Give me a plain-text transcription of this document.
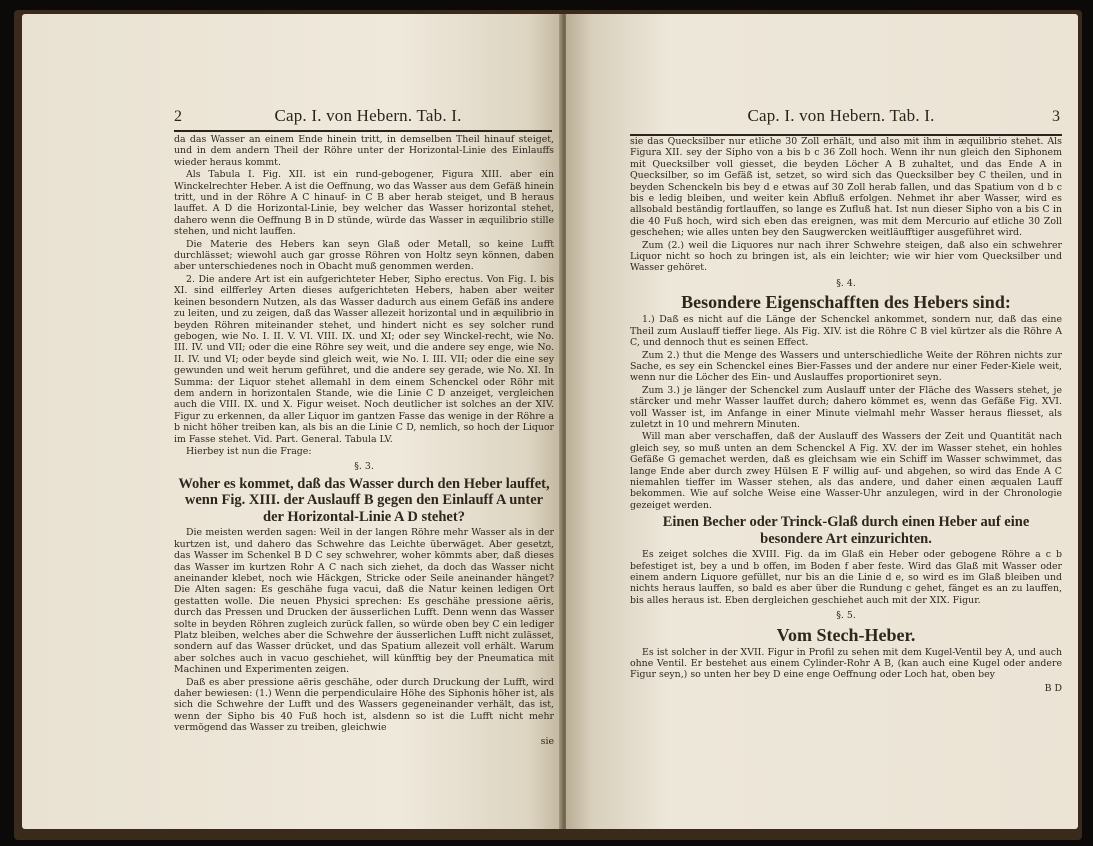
2	Cap. I. von Hebern. Tab. I.

da das Wasser an einem Ende hinein tritt, in demselben Theil hinauf steiget, und in dem andern Theil der Röhre unter der Horizontal-Linie des Einlauffs wieder heraus kommt.

Als Tabula I. Fig. XII. ist ein rund-gebogener, Figura XIII. aber ein Winckelrechter Heber. A ist die Oeffnung, wo das Wasser aus dem Gefäß hinein tritt, und in der Röhre A C hinauf- in C B aber herab steiget, und B heraus lauffet. A D die Horizontal-Linie, bey welcher das Wasser horizontal stehet, dahero wenn die Oeffnung B in D stünde, würde das Wasser in æquilibrio stille stehen, und nicht lauffen.

Die Materie des Hebers kan seyn Glaß oder Metall, so keine Lufft durchlässet; wiewohl auch gar grosse Röhren von Holtz seyn können, daben aber unterschiedenes noch in Obacht muß genommen werden.

2. Die andere Art ist ein aufgerichteter Heber, Sipho erectus. Von Fig. I. bis XI. sind eilfferley Arten dieses aufgerichteten Hebers, haben aber weiter keinen besondern Nutzen, als das Wasser dadurch aus einem Gefäß ins andere zu leiten, und zu zeigen, daß das Wasser allezeit horizontal und in æquilibrio in beyden Röhren miteinander stehet, und hindert nicht es sey solcher rund gebogen, wie No. I. II. V. VI. VIII. IX. und XI; oder sey Winckel-recht, wie No. III. IV. und VII; oder die eine Röhre sey weit, und die andere sey enge, wie No. II. IV. und VI; oder beyde sind gleich weit, wie No. I. III. VII; oder die eine sey gewunden und weit herum geführet, und die andere sey gerade, wie No. XI. In Summa: der Liquor stehet allemahl in dem einem Schenckel oder Röhr mit dem andern in horizontalen Stande, wie die Linie C D anzeiget, vergleichen auch die VIII. IX. und X. Figur weiset. Noch deutlicher ist solches an der XIV. Figur zu erkennen, da aller Liquor im gantzen Fasse das wenige in der Röhre a b nicht höher treiben kan, als bis an die Linie C D, nemlich, so hoch der Liquor im Fasse stehet. Vid. Part. General. Tabula LV.

Hierbey ist nun die Frage:

§. 3.
Woher es kommet, daß das Wasser durch den Heber lauffet, wenn Fig. XIII. der Auslauff B gegen den Einlauff A unter der Horizontal-Linie A D stehet?

Die meisten werden sagen: Weil in der langen Röhre mehr Wasser als in der kurtzen ist, und dahero das Schwehre das Leichte überwäget. Aber gesetzt, das Wasser im Schenkel B D C sey schwehrer, woher kömmts aber, daß dieses das Wasser im kurtzen Rohr A C nach sich ziehet, da doch das Wasser nicht aneinander klebet, noch wie Häckgen, Stricke oder Seile aneinander hänget? Die Alten sagen: Es geschähe fuga vacui, daß die Natur keinen ledigen Ort gestatten wolle. Die neuen Physici sprechen: Es geschähe pressione aëris, durch das Pressen und Drucken der äusserlichen Lufft. Denn wenn das Wasser solte in beyden Röhren zugleich zurück fallen, so würde oben bey C ein lediger Platz bleiben, welches aber die Schwehre der äusserlichen Lufft nicht zulässet, sondern auf das Wasser drücket, und das Spatium allezeit voll erhält. Warum aber solches auch in vacuo geschiehet, will künfftig bey der Pneumatica mit Machinen und Experimenten zeigen.

Daß es aber pressione aëris geschähe, oder durch Druckung der Lufft, wird daher bewiesen: (1.) Wenn die perpendiculaire Höhe des Siphonis höher ist, als sich die Schwehre der Lufft und des Wassers gegeneinander verhält, das ist, wenn der Sipho bis 40 Fuß hoch ist, alsdenn so ist die Lufft nicht mehr vermögend das Wasser zu treiben, gleichwie

sie
Cap. I. von Hebern. Tab. I.	3

sie das Quecksilber nur etliche 30 Zoll erhält, und also mit ihm in æquilibrio stehet. Als Figura XII. sey der Sipho von a bis b c 36 Zoll hoch. Wenn ihr nun gleich den Siphonem mit Quecksilber voll giesset, die beyden Löcher A B zuhaltet, und das Ende A in Quecksilber, so im Gefäß ist, setzet, so wird sich das Quecksilber bey C theilen, und in beyden Schenckeln bis bey d e etwas auf 30 Zoll herab fallen, und das Spatium von d b c bis e ledig bleiben, und weiter kein Abfluß erfolgen. Nehmet ihr aber Wasser, wird es allsobald beständig fortlauffen, so lange es Zufluß hat. Ist nun dieser Sipho von a bis C in die 40 Fuß hoch, wird sich eben das ereignen, was mit dem Mercurio auf etliche 30 Zoll geschehen; wie alles unten bey den Saugwercken weitläufftiger ausgeführet wird.

Zum (2.) weil die Liquores nur nach ihrer Schwehre steigen, daß also ein schwehrer Liquor nicht so hoch zu bringen ist, als ein leichter; wie wir hier vom Quecksilber und Wasser gehöret.

§. 4.
Besondere Eigenschafften des Hebers sind:

1.) Daß es nicht auf die Länge der Schenckel ankommet, sondern nur, daß das eine Theil zum Auslauff tieffer liege. Als Fig. XIV. ist die Röhre C B viel kürtzer als die Röhre A C, und dennoch thut es seinen Effect.

Zum 2.) thut die Menge des Wassers und unterschiedliche Weite der Röhren nichts zur Sache, es sey ein Schenckel eines Bier-Fasses und der andere nur einer Feder-Kiele weit, wenn nur die Löcher des Ein- und Auslauffes proportioniret seyn.

Zum 3.) je länger der Schenckel zum Auslauff unter der Fläche des Wassers stehet, je stärcker und mehr Wasser lauffet durch; dahero kömmet es, wenn das Gefäße Fig. XVI. voll Wasser ist, im Anfange in einer Minute vielmahl mehr Wasser heraus fliesset, als zuletzt in 10 und mehrern Minuten.

Will man aber verschaffen, daß der Auslauff des Wassers der Zeit und Quantität nach gleich sey, so muß unten an dem Schenckel A Fig. XV. der im Wasser stehet, ein hohles Gefäße G gemachet werden, daß es gleichsam wie ein Schiff im Wasser schwimmet, das lange Ende aber durch zwey Hülsen E F willig auf- und abgehen, so wird das Ende A C niemahlen tieffer im Wasser stehen, als das andere, und daher einen æqualen Lauff bekommen. Wie auf solche Weise eine Wasser-Uhr anzulegen, wird in der Chronologie gezeiget werden.

Einen Becher oder Trinck-Glaß durch einen Heber auf eine besondere Art einzurichten.

Es zeiget solches die XVIII. Fig. da im Glaß ein Heber oder gebogene Röhre a c b befestiget ist, bey a und b offen, im Boden f aber feste. Wird das Glaß mit Wasser oder einem andern Liquore gefüllet, nur bis an die Linie d e, so wird es im Glaß bleiben und nichts heraus lauffen, so bald es aber über die Rundung c gehet, fänget es an zu lauffen, bis alles heraus ist. Eben dergleichen geschiehet auch mit der XIX. Figur.

§. 5.
Vom Stech-Heber.

Es ist solcher in der XVII. Figur in Profil zu sehen mit dem Kugel-Ventil bey A, und auch ohne Ventil. Er bestehet aus einem Cylinder-Rohr A B, (kan auch eine Kugel oder andere Figur seyn,) so unten her bey D eine enge Oeffnung oder Loch hat, oben bey

B D
